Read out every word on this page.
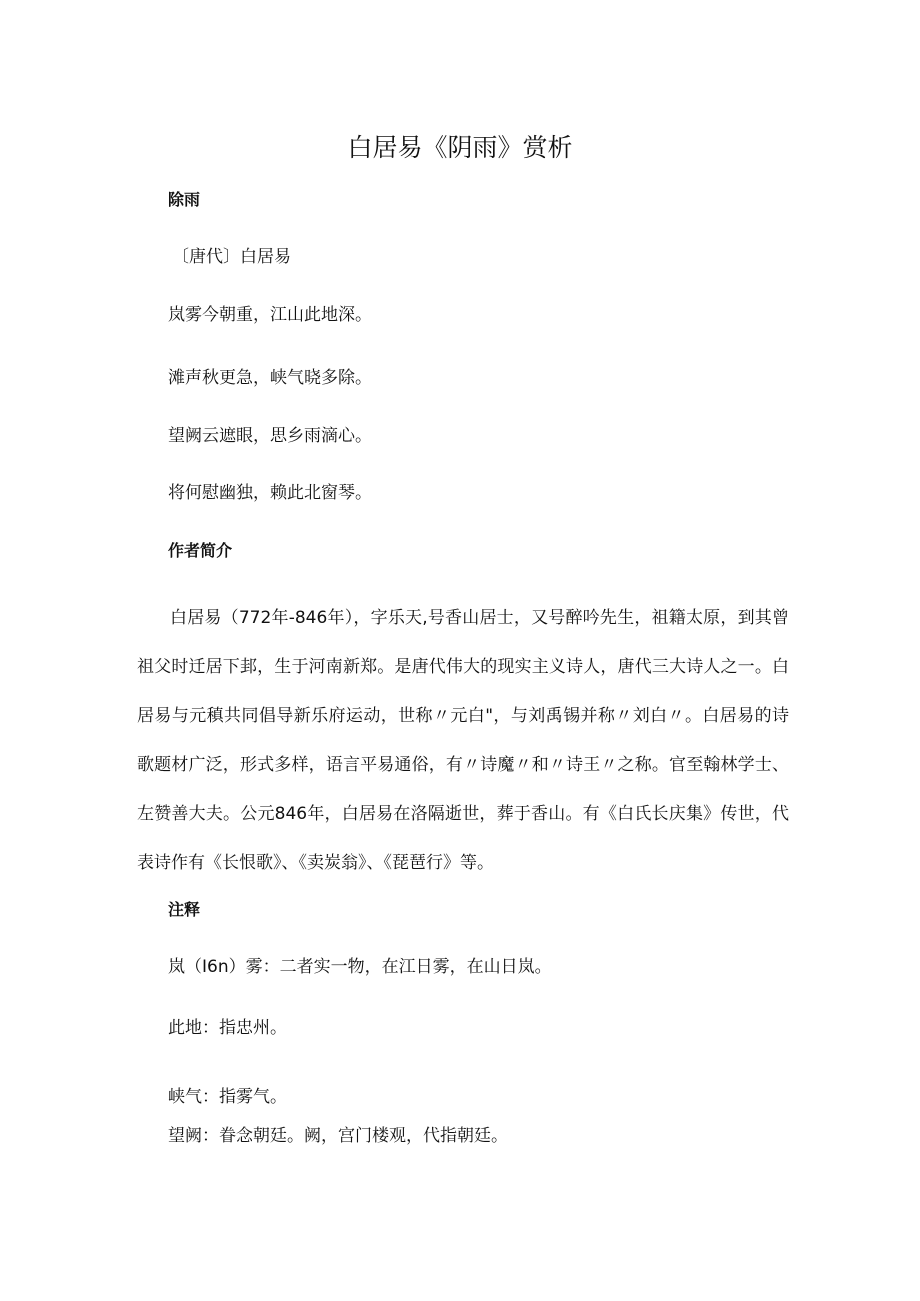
白居易《阴雨》赏析
除雨

〔唐代〕白居易

岚雾今朝重，江山此地深。

滩声秋更急，峡气晓多除。

望阙云遮眼，思乡雨滴心。

将何慰幽独，赖此北窗琴。

作者简介

白居易（772年-846年），字乐天,号香山居士，又号醉吟先生，祖籍太原，到其曾祖父时迁居下邽，生于河南新郑。是唐代伟大的现实主义诗人，唐代三大诗人之一。白居易与元稹共同倡导新乐府运动，世称〃元白"，与刘禹锡并称〃刘白〃。白居易的诗歌题材广泛，形式多样，语言平易通俗，有〃诗魔〃和〃诗王〃之称。官至翰林学士、左赞善大夫。公元846年，白居易在洛隔逝世，葬于香山。有《白氏长庆集》传世，代表诗作有《长恨歌》、《卖炭翁》、《琵琶行》等。

注释

岚（I6n）雾：二者实一物，在江日雾，在山日岚。

此地：指忠州。

峡气：指雾气。

望阙：眷念朝廷。阙，宫门楼观，代指朝廷。
